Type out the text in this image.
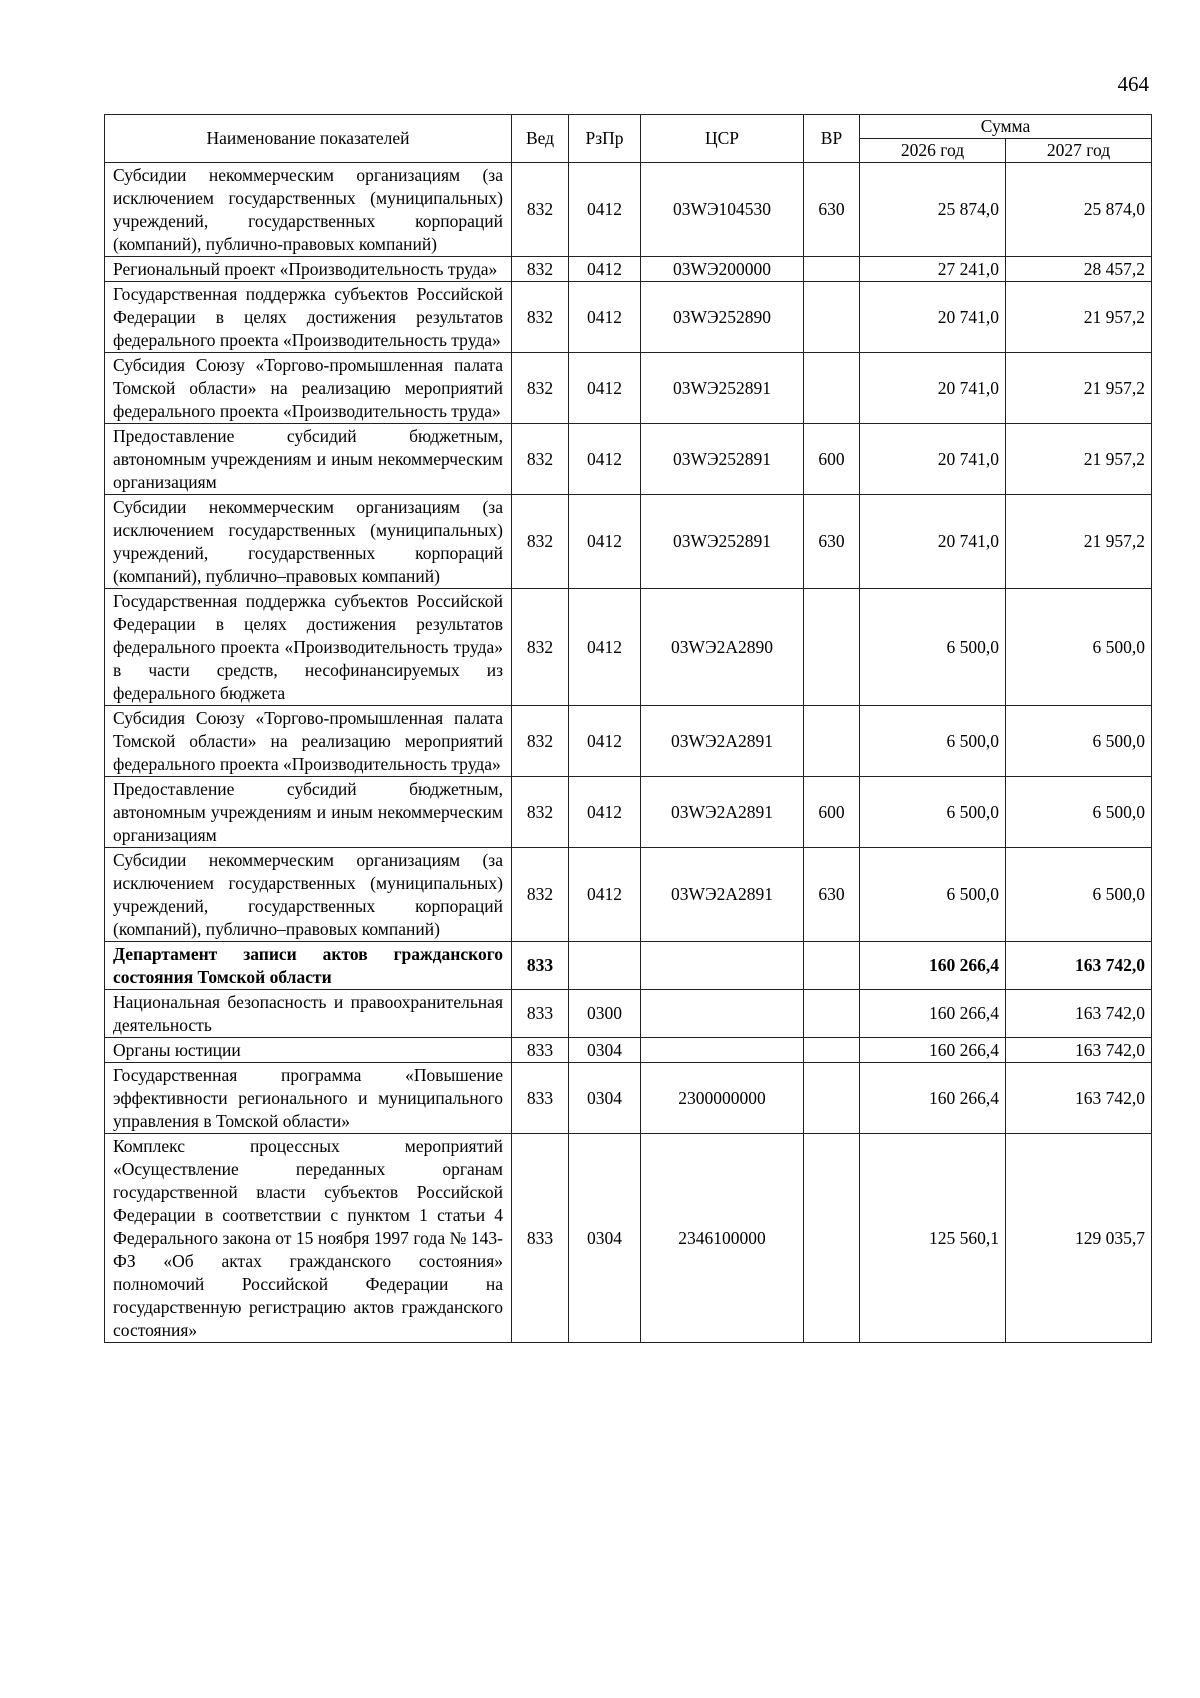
464
Наименование показателей	Вед	РзПр	ЦСР	ВР	Сумма	
					2026 год	2027 год
Субсидии некоммерческим организациям (за исключением государственных (муниципальных) учреждений, государственных корпораций (компаний), публично-правовых компаний)	832	0412	03WЭ104530	630	25 874,0	25 874,0
Региональный проект «Производительность труда»	832	0412	03WЭ200000		27 241,0	28 457,2
Государственная поддержка субъектов Российской Федерации в целях достижения результатов федерального проекта «Производительность труда»	832	0412	03WЭ252890		20 741,0	21 957,2
Субсидия Союзу «Торгово-промышленная палата Томской области» на реализацию мероприятий федерального проекта «Производительность труда»	832	0412	03WЭ252891		20 741,0	21 957,2
Предоставление субсидий бюджетным, автономным учреждениям и иным некоммерческим организациям	832	0412	03WЭ252891	600	20 741,0	21 957,2
Субсидии некоммерческим организациям (за исключением государственных (муниципальных) учреждений, государственных корпораций (компаний), публично–правовых компаний)	832	0412	03WЭ252891	630	20 741,0	21 957,2
Государственная поддержка субъектов Российской Федерации в целях достижения результатов федерального проекта «Производительность труда» в части средств, несофинансируемых из федерального бюджета	832	0412	03WЭ2А2890		6 500,0	6 500,0
Субсидия Союзу «Торгово-промышленная палата Томской области» на реализацию мероприятий федерального проекта «Производительность труда»	832	0412	03WЭ2А2891		6 500,0	6 500,0
Предоставление субсидий бюджетным, автономным учреждениям и иным некоммерческим организациям	832	0412	03WЭ2А2891	600	6 500,0	6 500,0
Субсидии некоммерческим организациям (за исключением государственных (муниципальных) учреждений, государственных корпораций (компаний), публично–правовых компаний)	832	0412	03WЭ2А2891	630	6 500,0	6 500,0
Департамент записи актов гражданского состояния Томской области	833				160 266,4	163 742,0
Национальная безопасность и правоохранительная деятельность	833	0300			160 266,4	163 742,0
Органы юстиции	833	0304			160 266,4	163 742,0
Государственная программа «Повышение эффективности регионального и муниципального управления в Томской области»	833	0304	2300000000		160 266,4	163 742,0
Комплекс процессных мероприятий «Осуществление переданных органам государственной власти субъектов Российской Федерации в соответствии с пунктом 1 статьи 4 Федерального закона от 15 ноября 1997 года № 143-ФЗ «Об актах гражданского состояния» полномочий Российской Федерации на государственную регистрацию актов гражданского состояния»	833	0304	2346100000		125 560,1	129 035,7
